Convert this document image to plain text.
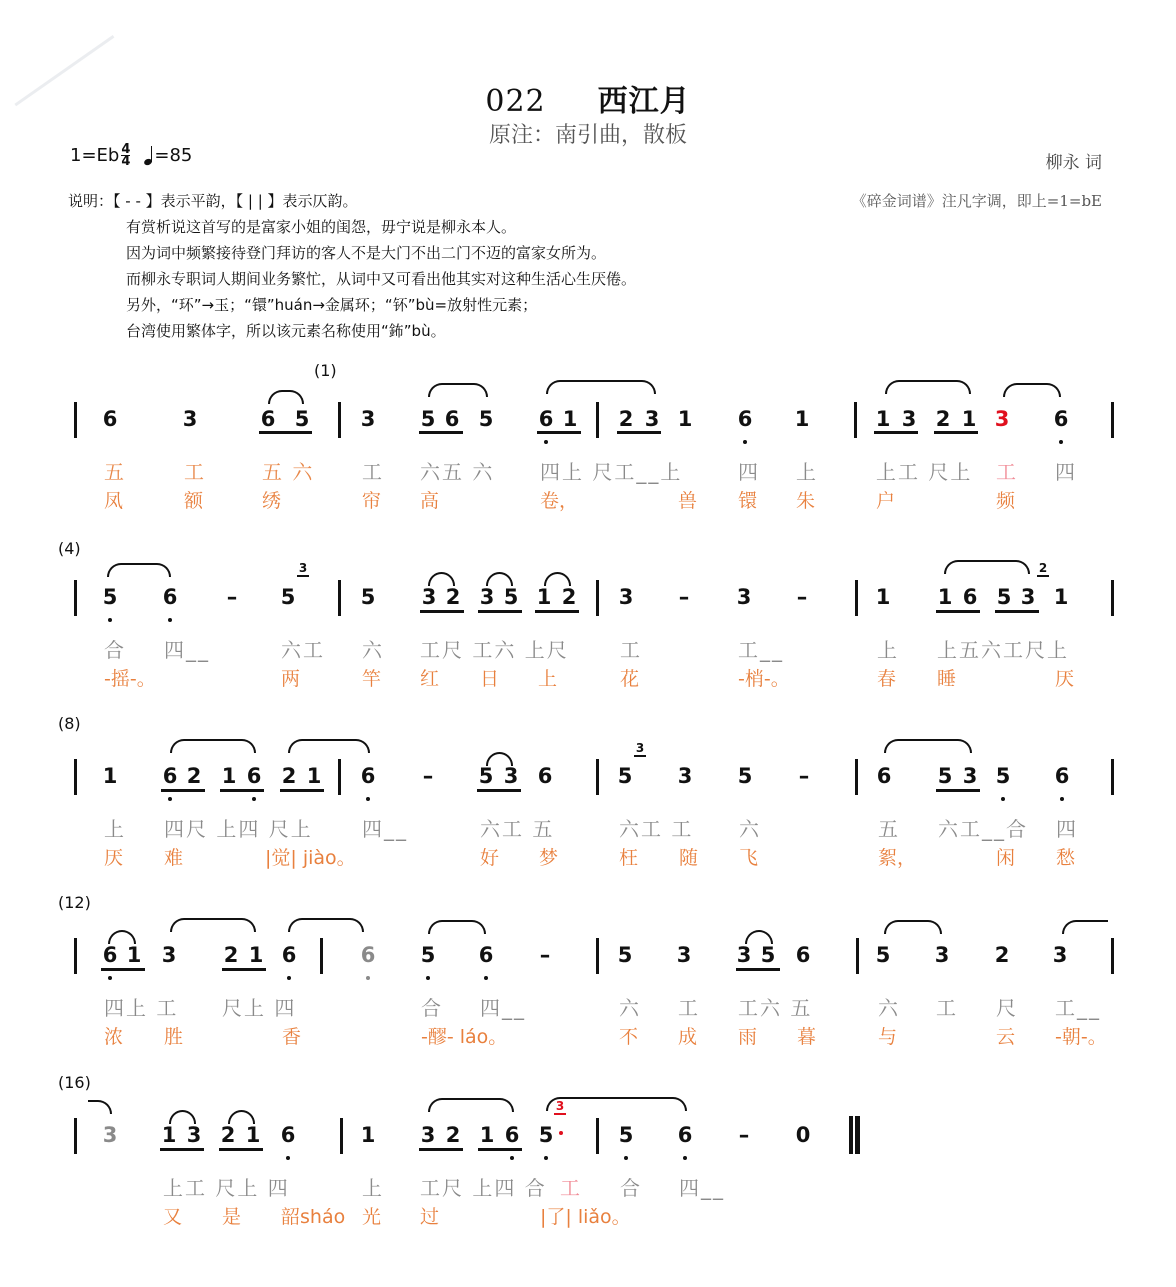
022 西江月
原注：南引曲，散板
$1=Eb \frac{4}{4} =85$	柳永 词
说明：【 - - 】表示平韵，【 | | 】表示仄韵。	《碎金词谱》注凡字调，即上=1=bE
有赏析说这首写的是富家小姐的闺怨，毋宁说是柳永本人。
因为词中频繁接待登门拜访的客人不是大门不出二门不迈的富家女所为。
而柳永专职词人期间业务繁忙，从词中又可看出他其实对这种生活心生厌倦。
另外，“环”→玉；“镮”huán→金属环；“钚”bù=放射性元素；
台湾使用繁体字，所以该元素名称使用“鈽”bù。
(1)
(4)
(8)
(12)
(16)
6	3	6 5 3 5 6 5 6 1 2 3 1 6 1	1 3 2 1 3 6
五	工	五 六 工 六五 六 四上 尺工__上	四 上	上工 尺上 工 四
凤	额	绣	帘 高	卷，	兽 镮 朱	户	频
5 6 – 5	5 3 2 3 5 1 2 3 – 3 –	1 1 6 5 3 1
合 四__	六工 六 工尺 工六 上尺	工	工__	上 上五六工尺上
-摇-。	两	竿 红 日 上	花	-梢-。	春 睡	厌
1 6 2 1 6 2 1 6 – 5 3 6	5 3 5 –	6 5 3 5 6
上 四尺 上四 尺上 四__	六工 五	六工 工 六	五 六工__合 四
厌 难	|觉| jiào。	好 梦	枉 随 飞	絮，	闲 愁
6 1 3 2 1 6	6 5 6 –	5 3 3 5 6	5 3 2 3
四上 工 尺上 四	合 四__	六 工 工六 五	六 工 尺 工__
浓 胜	香	-醪- láo。	不 成 雨 暮	与	云 -朝-。
3 1 3 2 1 6	1 3 2 1 6 5	5 6 – 0
上工 尺上 四	上 工尺 上四 合 工 合 四__
又 是 韶sháo 光 过	|了| liǎo。
3	2
3
3
